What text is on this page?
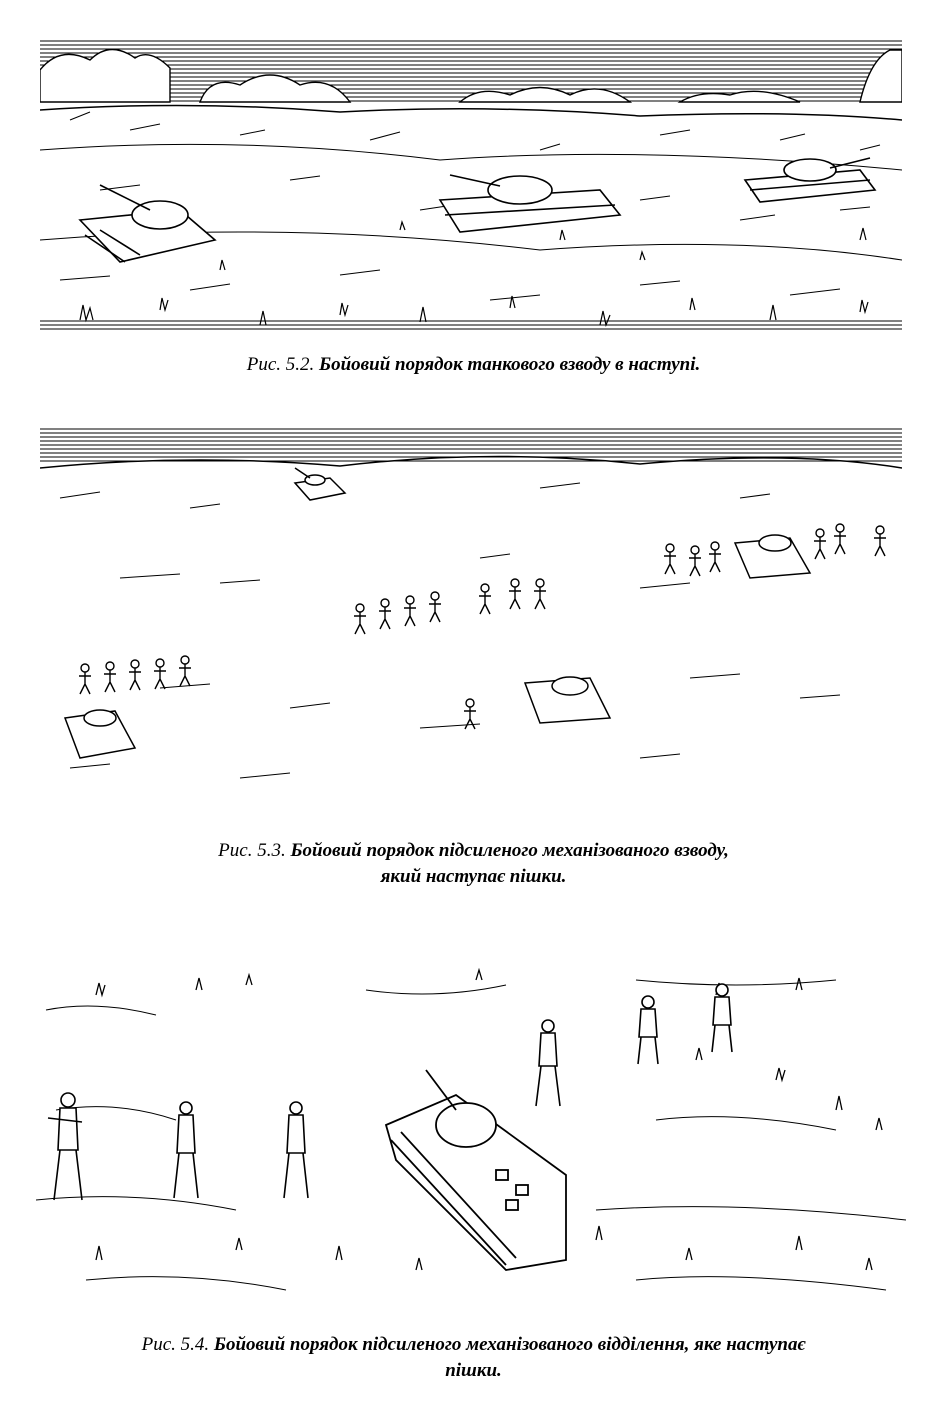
Рис. 5.2. Бойовий порядок танкового взводу в наступі.
Рис. 5.3. Бойовий порядок підсиленого механізованого взводу,
який наступає пішки.
Рис. 5.4. Бойовий порядок підсиленого механізованого відділення, яке наступає
пішки.
